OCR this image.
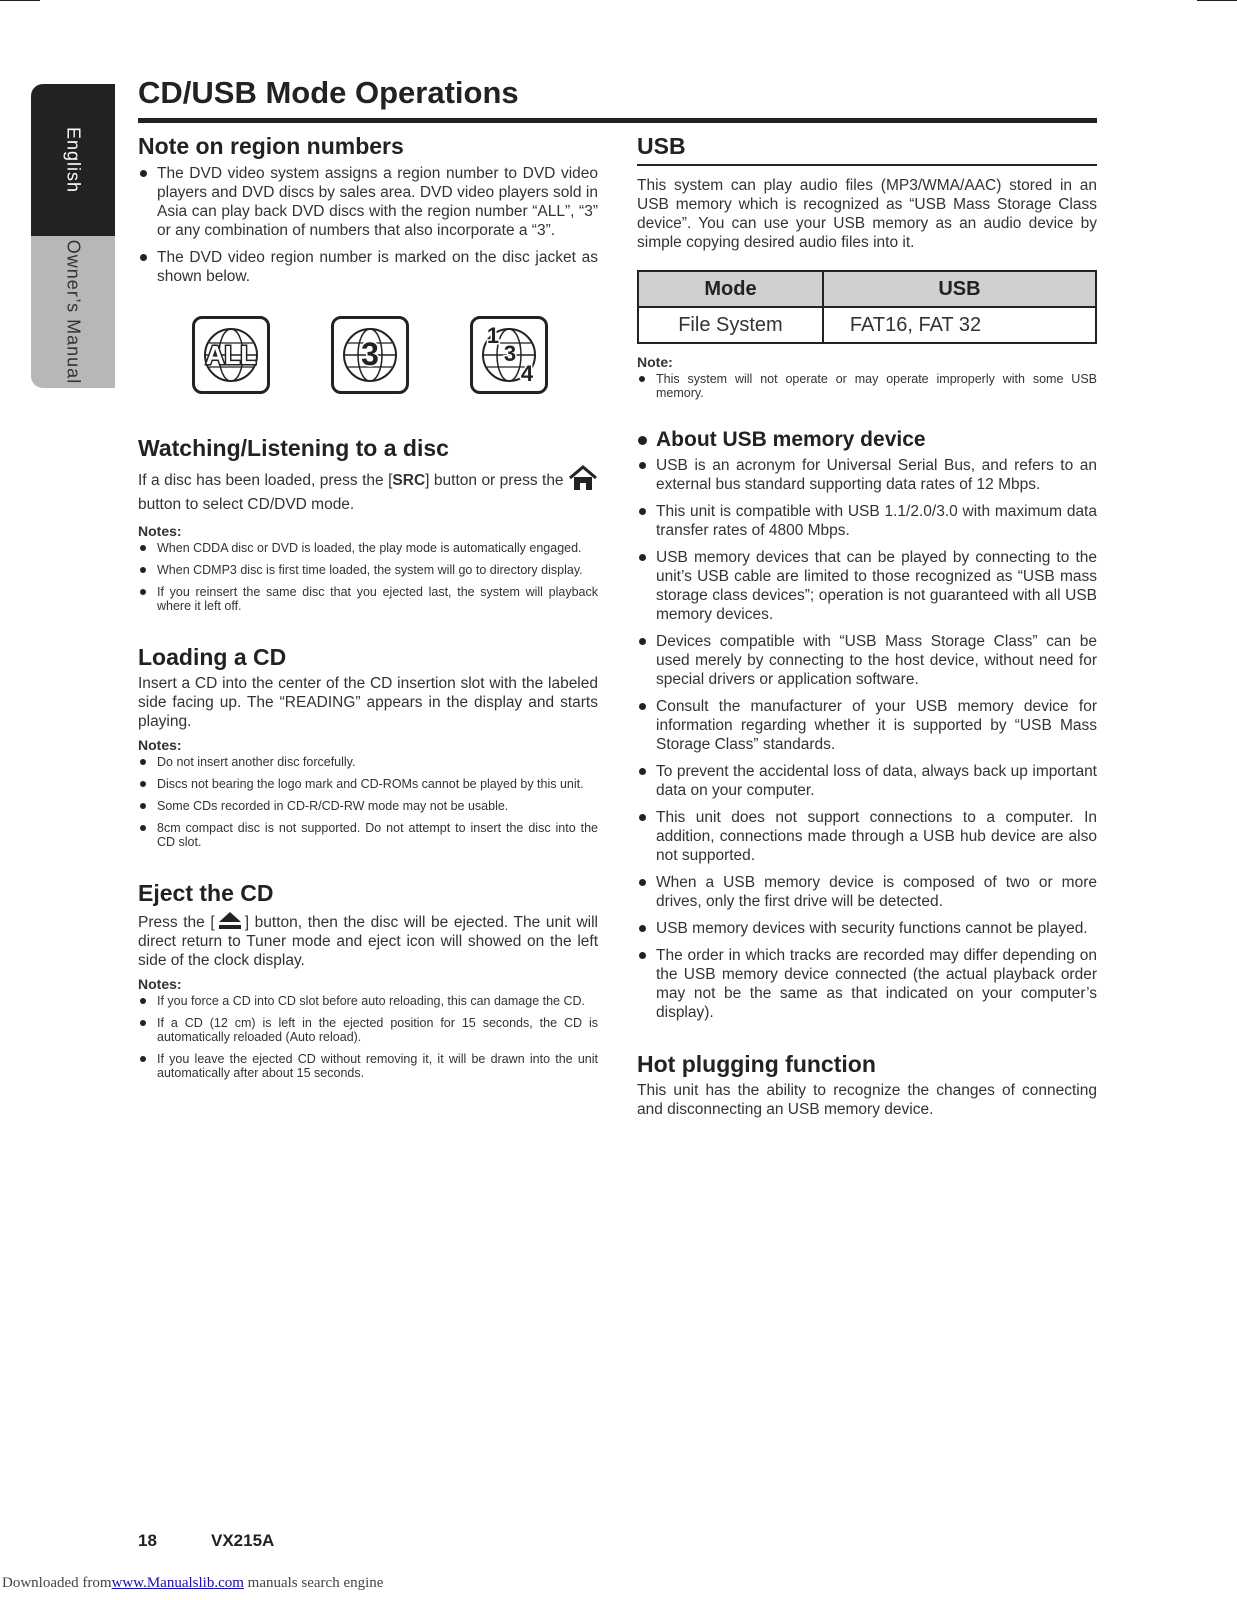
English
Owner’s Manual
CD/USB Mode Operations
Note on region numbers
The DVD video system assigns a region number to DVD video players and DVD discs by sales area. DVD video players sold in Asia can play back DVD discs with the region number “ALL”, “3” or any combination of numbers that also incorporate a “3”.
The DVD video region number is marked on the disc jacket as shown below.
ALL	3
1
3
4
Watching/Listening to a disc

If a disc has been loaded, press the [SRC] button or press the  button to select CD/DVD mode.

Notes:
When CDDA disc or DVD is loaded, the play mode is automatically engaged.
When CDMP3 disc is first time loaded, the system will go to directory display.
If you reinsert the same disc that you ejected last, the system will playback where it left off.
Loading a CD

Insert a CD into the center of the CD insertion slot with the labeled side facing up. The “READING” appears in the display and starts playing.

Notes:
Do not insert another disc forcefully.
Discs not bearing the logo mark and CD-ROMs cannot be played by this unit.
Some CDs recorded in CD-R/CD-RW mode may not be usable.
8cm compact disc is not supported. Do not attempt to insert the disc into the CD slot.
Eject the CD

Press the [ ] button, then the disc will be ejected. The unit will direct return to Tuner mode and eject icon will showed on the left side of the clock display.

Notes:
If you force a CD into CD slot before auto reloading, this can damage the CD.
If a CD (12 cm) is left in the ejected position for 15 seconds, the CD is automatically reloaded (Auto reload).
If you leave the ejected CD without removing it, it will be drawn into the unit automatically after about 15 seconds.
USB

This system can play audio files (MP3/WMA/AAC) stored in an USB memory which is recognized as “USB Mass Storage Class device”. You can use your USB memory as an audio device by simple copying desired audio files into it.

Mode	USB
File System	FAT16, FAT 32
Note:
This system will not operate or may operate improperly with some USB memory.
About USB memory device
USB is an acronym for Universal Serial Bus, and refers to an external bus standard supporting data rates of 12 Mbps.
This unit is compatible with USB 1.1/2.0/3.0 with maximum data transfer rates of 4800 Mbps.
USB memory devices that can be played by connecting to the unit’s USB cable are limited to those recognized as “USB mass storage class devices”; operation is not guaranteed with all USB memory devices.
Devices compatible with “USB Mass Storage Class” can be used merely by connecting to the host device, without need for special drivers or application software.
Consult the manufacturer of your USB memory device for information regarding whether it is supported by “USB Mass Storage Class” standards.
To prevent the accidental loss of data, always back up important data on your computer.
This unit does not support connections to a computer. In addition, connections made through a USB hub device are also not supported.
When a USB memory device is composed of two or more drives, only the first drive will be detected.
USB memory devices with security functions cannot be played.
The order in which tracks are recorded may differ depending on the USB memory device connected (the actual playback order may not be the same as that indicated on your computer’s display).
Hot plugging function

This unit has the ability to recognize the changes of connecting and disconnecting an USB memory device.

18	VX215A
Downloaded fromwww.Manualslib.com manuals search engine
